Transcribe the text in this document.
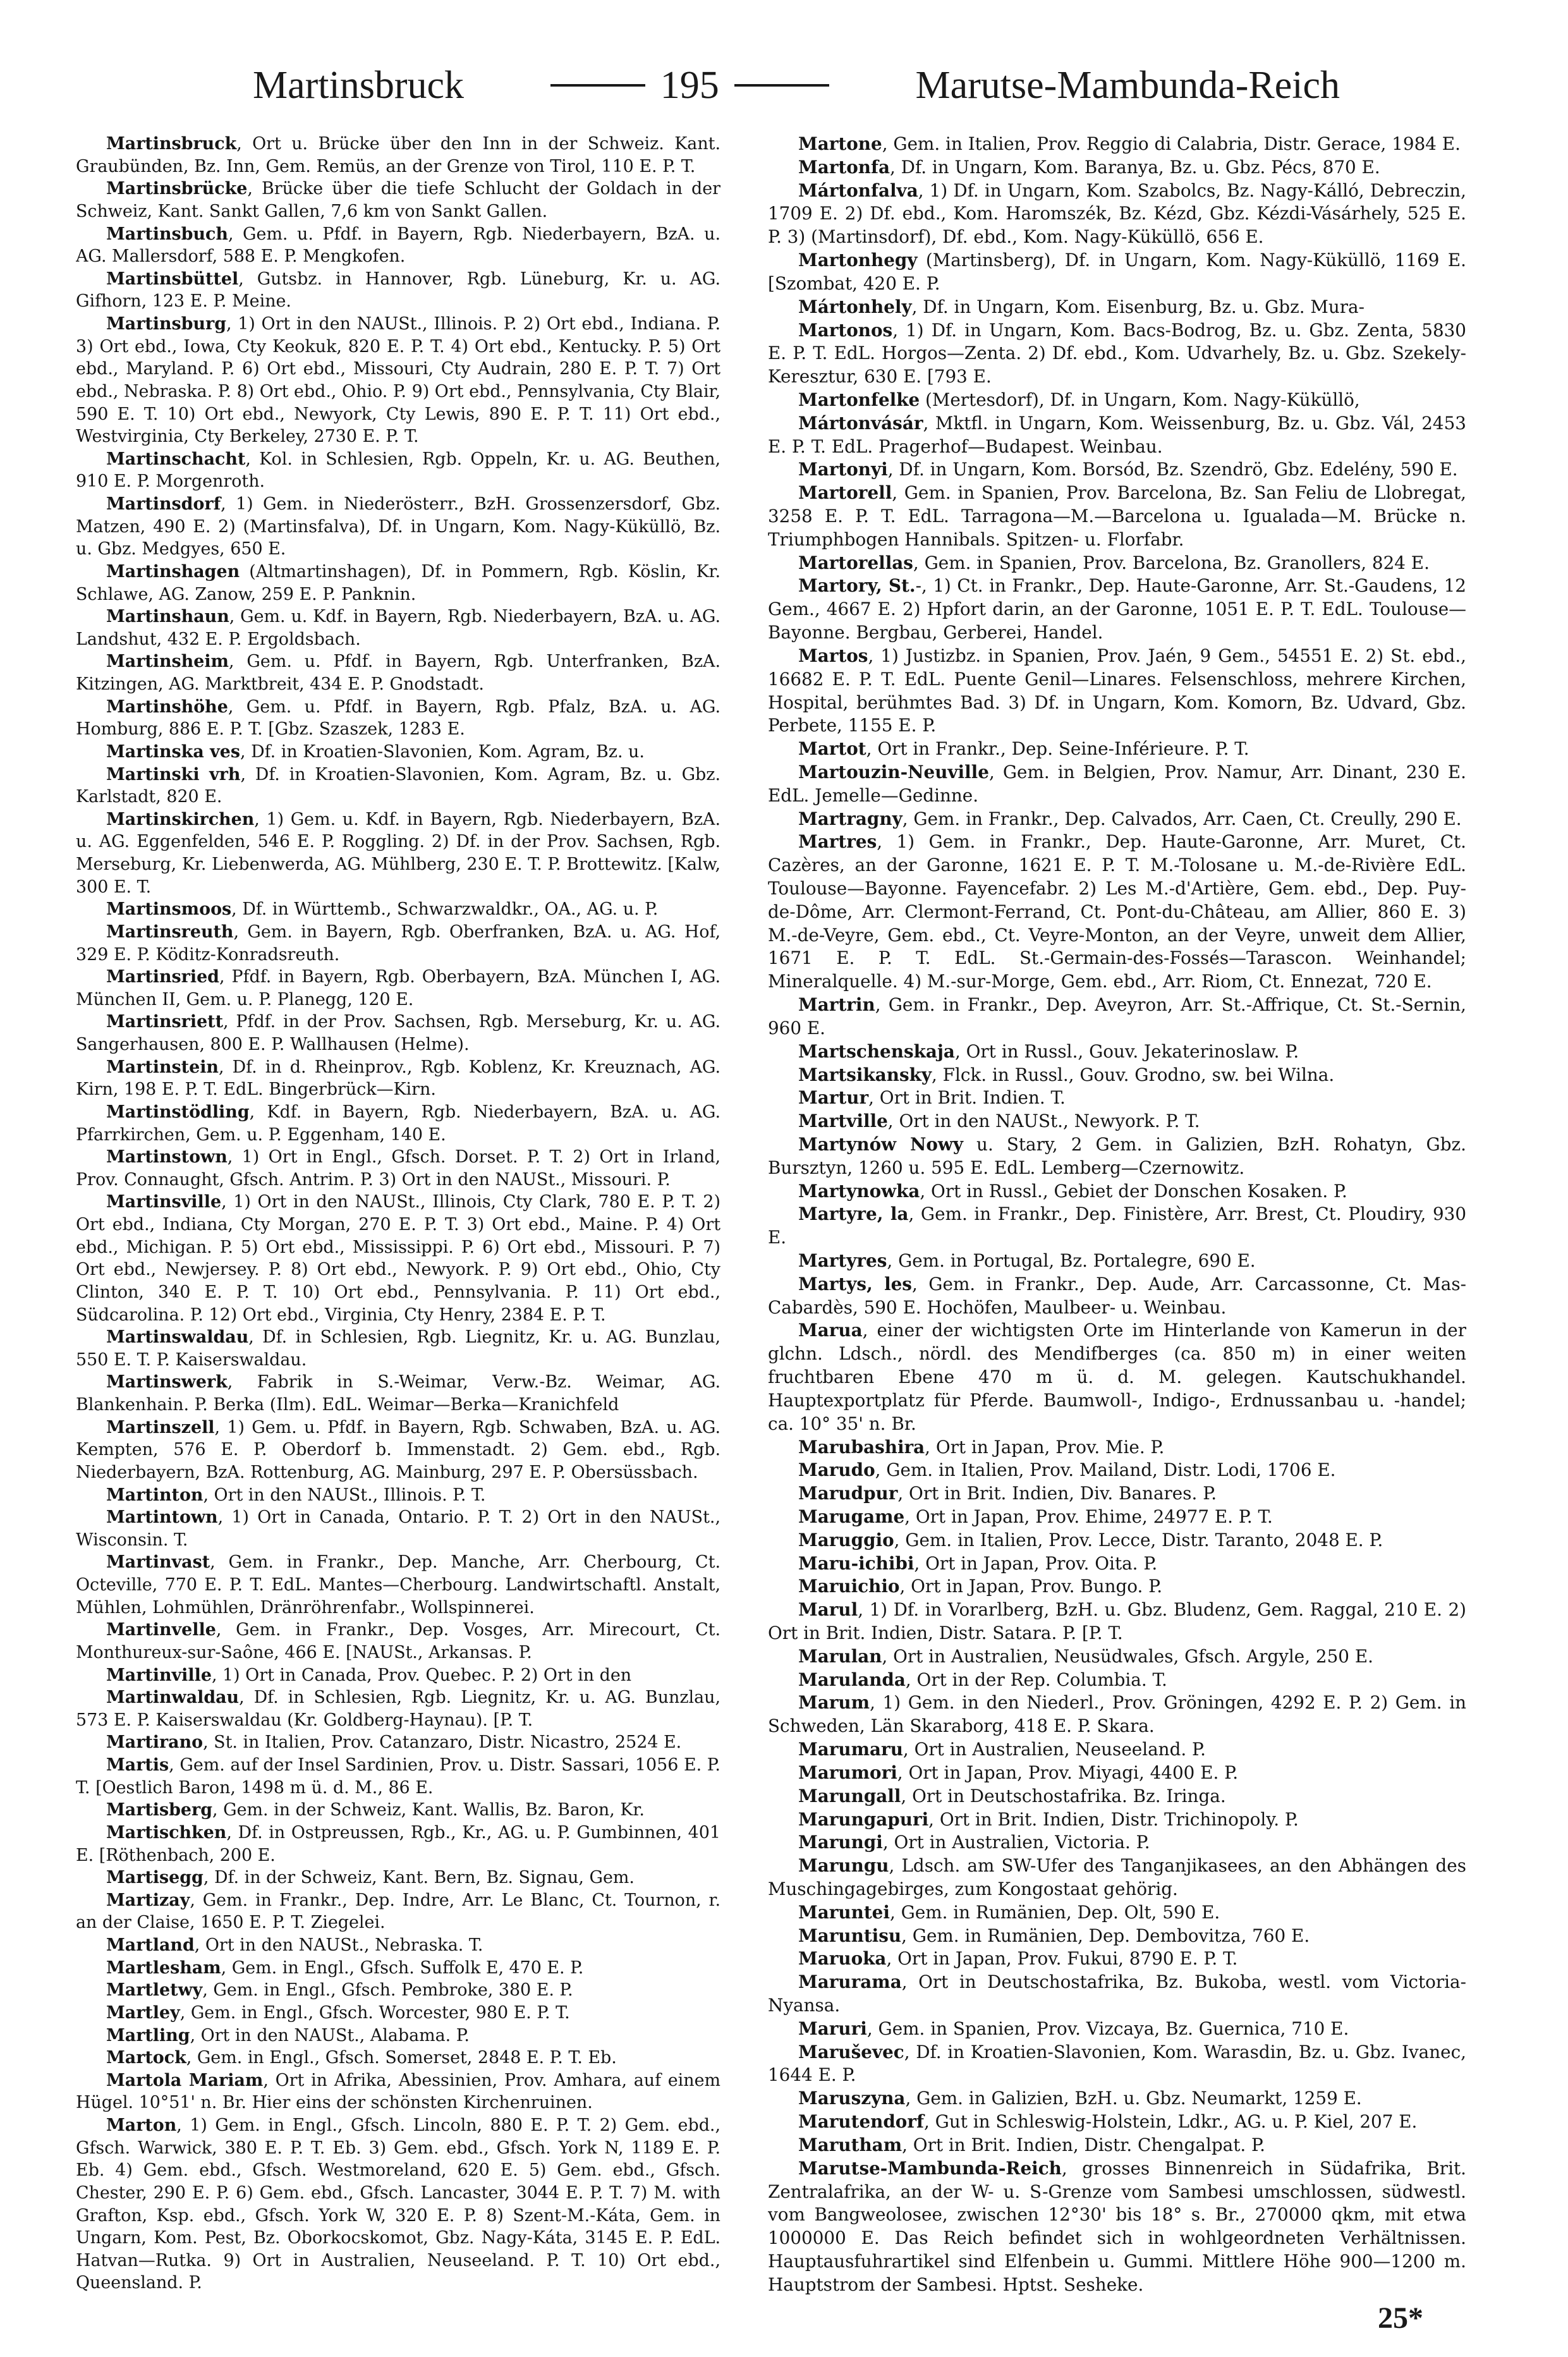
Martinsbruck	195	Marutse-Mambunda-Reich

Martinsbruck, Ort u. Brücke über den Inn in der Schweiz. Kant. Graubünden, Bz. Inn, Gem. Remüs, an der Grenze von Tirol, 110 E. P. T.

Martinsbrücke, Brücke über die tiefe Schlucht der Goldach in der Schweiz, Kant. Sankt Gallen, 7,6 km von Sankt Gallen.

Martinsbuch, Gem. u. Pfdf. in Bayern, Rgb. Niederbayern, BzA. u. AG. Mallersdorf, 588 E. P. Mengkofen.

Martinsbüttel, Gutsbz. in Hannover, Rgb. Lüneburg, Kr. u. AG. Gifhorn, 123 E. P. Meine.

Martinsburg, 1) Ort in den NAUSt., Illinois. P. 2) Ort ebd., Indiana. P. 3) Ort ebd., Iowa, Cty Keokuk, 820 E. P. T. 4) Ort ebd., Kentucky. P. 5) Ort ebd., Maryland. P. 6) Ort ebd., Missouri, Cty Audrain, 280 E. P. T. 7) Ort ebd., Nebraska. P. 8) Ort ebd., Ohio. P. 9) Ort ebd., Pennsylvania, Cty Blair, 590 E. T. 10) Ort ebd., Newyork, Cty Lewis, 890 E. P. T. 11) Ort ebd., Westvirginia, Cty Berkeley, 2730 E. P. T.

Martinschacht, Kol. in Schlesien, Rgb. Oppeln, Kr. u. AG. Beuthen, 910 E. P. Morgenroth.

Martinsdorf, 1) Gem. in Niederösterr., BzH. Grossenzersdorf, Gbz. Matzen, 490 E. 2) (Martinsfalva), Df. in Ungarn, Kom. Nagy-Küküllö, Bz. u. Gbz. Medgyes, 650 E.

Martinshagen (Altmartinshagen), Df. in Pommern, Rgb. Köslin, Kr. Schlawe, AG. Zanow, 259 E. P. Panknin.

Martinshaun, Gem. u. Kdf. in Bayern, Rgb. Niederbayern, BzA. u. AG. Landshut, 432 E. P. Ergoldsbach.

Martinsheim, Gem. u. Pfdf. in Bayern, Rgb. Unterfranken, BzA. Kitzingen, AG. Marktbreit, 434 E. P. Gnodstadt.

Martinshöhe, Gem. u. Pfdf. in Bayern, Rgb. Pfalz, BzA. u. AG. Homburg, 886 E. P. T. [Gbz. Szaszek, 1283 E.

Martinska ves, Df. in Kroatien-Slavonien, Kom. Agram, Bz. u.

Martinski vrh, Df. in Kroatien-Slavonien, Kom. Agram, Bz. u. Gbz. Karlstadt, 820 E.

Martinskirchen, 1) Gem. u. Kdf. in Bayern, Rgb. Niederbayern, BzA. u. AG. Eggenfelden, 546 E. P. Roggling. 2) Df. in der Prov. Sachsen, Rgb. Merseburg, Kr. Liebenwerda, AG. Mühlberg, 230 E. T. P. Brottewitz. [Kalw, 300 E. T.

Martinsmoos, Df. in Württemb., Schwarzwaldkr., OA., AG. u. P.

Martinsreuth, Gem. in Bayern, Rgb. Oberfranken, BzA. u. AG. Hof, 329 E. P. Köditz-Konradsreuth.

Martinsried, Pfdf. in Bayern, Rgb. Oberbayern, BzA. München I, AG. München II, Gem. u. P. Planegg, 120 E.

Martinsriett, Pfdf. in der Prov. Sachsen, Rgb. Merseburg, Kr. u. AG. Sangerhausen, 800 E. P. Wallhausen (Helme).

Martinstein, Df. in d. Rheinprov., Rgb. Koblenz, Kr. Kreuznach, AG. Kirn, 198 E. P. T. EdL. Bingerbrück—Kirn.

Martinstödling, Kdf. in Bayern, Rgb. Niederbayern, BzA. u. AG. Pfarrkirchen, Gem. u. P. Eggenham, 140 E.

Martinstown, 1) Ort in Engl., Gfsch. Dorset. P. T. 2) Ort in Irland, Prov. Connaught, Gfsch. Antrim. P. 3) Ort in den NAUSt., Missouri. P.

Martinsville, 1) Ort in den NAUSt., Illinois, Cty Clark, 780 E. P. T. 2) Ort ebd., Indiana, Cty Morgan, 270 E. P. T. 3) Ort ebd., Maine. P. 4) Ort ebd., Michigan. P. 5) Ort ebd., Mississippi. P. 6) Ort ebd., Missouri. P. 7) Ort ebd., Newjersey. P. 8) Ort ebd., Newyork. P. 9) Ort ebd., Ohio, Cty Clinton, 340 E. P. T. 10) Ort ebd., Pennsylvania. P. 11) Ort ebd., Südcarolina. P. 12) Ort ebd., Virginia, Cty Henry, 2384 E. P. T.

Martinswaldau, Df. in Schlesien, Rgb. Liegnitz, Kr. u. AG. Bunzlau, 550 E. T. P. Kaiserswaldau.

Martinswerk, Fabrik in S.-Weimar, Verw.-Bz. Weimar, AG. Blankenhain. P. Berka (Ilm). EdL. Weimar—Berka—Kranichfeld

Martinszell, 1) Gem. u. Pfdf. in Bayern, Rgb. Schwaben, BzA. u. AG. Kempten, 576 E. P. Oberdorf b. Immenstadt. 2) Gem. ebd., Rgb. Niederbayern, BzA. Rottenburg, AG. Mainburg, 297 E. P. Obersüssbach.

Martinton, Ort in den NAUSt., Illinois. P. T.

Martintown, 1) Ort in Canada, Ontario. P. T. 2) Ort in den NAUSt., Wisconsin. T.

Martinvast, Gem. in Frankr., Dep. Manche, Arr. Cherbourg, Ct. Octeville, 770 E. P. T. EdL. Mantes—Cherbourg. Landwirtschaftl. Anstalt, Mühlen, Lohmühlen, Dränröhrenfabr., Wollspinnerei.

Martinvelle, Gem. in Frankr., Dep. Vosges, Arr. Mirecourt, Ct. Monthureux-sur-Saône, 466 E. [NAUSt., Arkansas. P.

Martinville, 1) Ort in Canada, Prov. Quebec. P. 2) Ort in den

Martinwaldau, Df. in Schlesien, Rgb. Liegnitz, Kr. u. AG. Bunzlau, 573 E. P. Kaiserswaldau (Kr. Goldberg-Haynau). [P. T.

Martirano, St. in Italien, Prov. Catanzaro, Distr. Nicastro, 2524 E.

Martis, Gem. auf der Insel Sardinien, Prov. u. Distr. Sassari, 1056 E. P. T. [Oestlich Baron, 1498 m ü. d. M., 86 E.

Martisberg, Gem. in der Schweiz, Kant. Wallis, Bz. Baron, Kr.

Martischken, Df. in Ostpreussen, Rgb., Kr., AG. u. P. Gumbinnen, 401 E. [Röthenbach, 200 E.

Martisegg, Df. in der Schweiz, Kant. Bern, Bz. Signau, Gem.

Martizay, Gem. in Frankr., Dep. Indre, Arr. Le Blanc, Ct. Tournon, r. an der Claise, 1650 E. P. T. Ziegelei.

Martland, Ort in den NAUSt., Nebraska. T.

Martlesham, Gem. in Engl., Gfsch. Suffolk E, 470 E. P.

Martletwy, Gem. in Engl., Gfsch. Pembroke, 380 E. P.

Martley, Gem. in Engl., Gfsch. Worcester, 980 E. P. T.

Martling, Ort in den NAUSt., Alabama. P.

Martock, Gem. in Engl., Gfsch. Somerset, 2848 E. P. T. Eb.

Martola Mariam, Ort in Afrika, Abessinien, Prov. Amhara, auf einem Hügel. 10°51' n. Br. Hier eins der schönsten Kirchenruinen.

Marton, 1) Gem. in Engl., Gfsch. Lincoln, 880 E. P. T. 2) Gem. ebd., Gfsch. Warwick, 380 E. P. T. Eb. 3) Gem. ebd., Gfsch. York N, 1189 E. P. Eb. 4) Gem. ebd., Gfsch. Westmoreland, 620 E. 5) Gem. ebd., Gfsch. Chester, 290 E. P. 6) Gem. ebd., Gfsch. Lancaster, 3044 E. P. T. 7) M. with Grafton, Ksp. ebd., Gfsch. York W, 320 E. P. 8) Szent-M.-Káta, Gem. in Ungarn, Kom. Pest, Bz. Oborkocskomot, Gbz. Nagy-Káta, 3145 E. P. EdL. Hatvan—Rutka. 9) Ort in Australien, Neuseeland. P. T. 10) Ort ebd., Queensland. P.

Martone, Gem. in Italien, Prov. Reggio di Calabria, Distr. Gerace, 1984 E.

Martonfa, Df. in Ungarn, Kom. Baranya, Bz. u. Gbz. Pécs, 870 E.

Mártonfalva, 1) Df. in Ungarn, Kom. Szabolcs, Bz. Nagy-Kálló, Debreczin, 1709 E. 2) Df. ebd., Kom. Haromszék, Bz. Kézd, Gbz. Kézdi-Vásárhely, 525 E. P. 3) (Martinsdorf), Df. ebd., Kom. Nagy-Küküllö, 656 E.

Martonhegy (Martinsberg), Df. in Ungarn, Kom. Nagy-Küküllö, 1169 E. [Szombat, 420 E. P.

Mártonhely, Df. in Ungarn, Kom. Eisenburg, Bz. u. Gbz. Mura-

Martonos, 1) Df. in Ungarn, Kom. Bacs-Bodrog, Bz. u. Gbz. Zenta, 5830 E. P. T. EdL. Horgos—Zenta. 2) Df. ebd., Kom. Udvarhely, Bz. u. Gbz. Szekely-Keresztur, 630 E. [793 E.

Martonfelke (Mertesdorf), Df. in Ungarn, Kom. Nagy-Küküllö,

Mártonvásár, Mktfl. in Ungarn, Kom. Weissenburg, Bz. u. Gbz. Vál, 2453 E. P. T. EdL. Pragerhof—Budapest. Weinbau.

Martonyi, Df. in Ungarn, Kom. Borsód, Bz. Szendrö, Gbz. Edelény, 590 E.

Martorell, Gem. in Spanien, Prov. Barcelona, Bz. San Feliu de Llobregat, 3258 E. P. T. EdL. Tarragona—M.—Barcelona u. Igualada—M. Brücke n. Triumphbogen Hannibals. Spitzen- u. Florfabr.

Martorellas, Gem. in Spanien, Prov. Barcelona, Bz. Granollers, 824 E.

Martory, St.-, 1) Ct. in Frankr., Dep. Haute-Garonne, Arr. St.-Gaudens, 12 Gem., 4667 E. 2) Hpfort darin, an der Garonne, 1051 E. P. T. EdL. Toulouse—Bayonne. Bergbau, Gerberei, Handel.

Martos, 1) Justizbz. in Spanien, Prov. Jaén, 9 Gem., 54551 E. 2) St. ebd., 16682 E. P. T. EdL. Puente Genil—Linares. Felsenschloss, mehrere Kirchen, Hospital, berühmtes Bad. 3) Df. in Ungarn, Kom. Komorn, Bz. Udvard, Gbz. Perbete, 1155 E. P.

Martot, Ort in Frankr., Dep. Seine-Inférieure. P. T.

Martouzin-Neuville, Gem. in Belgien, Prov. Namur, Arr. Dinant, 230 E. EdL. Jemelle—Gedinne.

Martragny, Gem. in Frankr., Dep. Calvados, Arr. Caen, Ct. Creully, 290 E.

Martres, 1) Gem. in Frankr., Dep. Haute-Garonne, Arr. Muret, Ct. Cazères, an der Garonne, 1621 E. P. T. M.-Tolosane u. M.-de-Rivière EdL. Toulouse—Bayonne. Fayencefabr. 2) Les M.-d'Artière, Gem. ebd., Dep. Puy-de-Dôme, Arr. Clermont-Ferrand, Ct. Pont-du-Château, am Allier, 860 E. 3) M.-de-Veyre, Gem. ebd., Ct. Veyre-Monton, an der Veyre, unweit dem Allier, 1671 E. P. T. EdL. St.-Germain-des-Fossés—Tarascon. Weinhandel; Mineralquelle. 4) M.-sur-Morge, Gem. ebd., Arr. Riom, Ct. Ennezat, 720 E.

Martrin, Gem. in Frankr., Dep. Aveyron, Arr. St.-Affrique, Ct. St.-Sernin, 960 E.

Martschenskaja, Ort in Russl., Gouv. Jekaterinoslaw. P.

Martsikansky, Flck. in Russl., Gouv. Grodno, sw. bei Wilna.

Martur, Ort in Brit. Indien. T.

Martville, Ort in den NAUSt., Newyork. P. T.

Martynów Nowy u. Stary, 2 Gem. in Galizien, BzH. Rohatyn, Gbz. Bursztyn, 1260 u. 595 E. EdL. Lemberg—Czernowitz.

Martynowka, Ort in Russl., Gebiet der Donschen Kosaken. P.

Martyre, la, Gem. in Frankr., Dep. Finistère, Arr. Brest, Ct. Ploudiry, 930 E.

Martyres, Gem. in Portugal, Bz. Portalegre, 690 E.

Martys, les, Gem. in Frankr., Dep. Aude, Arr. Carcassonne, Ct. Mas-Cabardès, 590 E. Hochöfen, Maulbeer- u. Weinbau.

Marua, einer der wichtigsten Orte im Hinterlande von Kamerun in der glchn. Ldsch., nördl. des Mendifberges (ca. 850 m) in einer weiten fruchtbaren Ebene 470 m ü. d. M. gelegen. Kautschukhandel. Hauptexportplatz für Pferde. Baumwoll-, Indigo-, Erdnussanbau u. -handel; ca. 10° 35' n. Br.

Marubashira, Ort in Japan, Prov. Mie. P.

Marudo, Gem. in Italien, Prov. Mailand, Distr. Lodi, 1706 E.

Marudpur, Ort in Brit. Indien, Div. Banares. P.

Marugame, Ort in Japan, Prov. Ehime, 24977 E. P. T.

Maruggio, Gem. in Italien, Prov. Lecce, Distr. Taranto, 2048 E. P.

Maru-ichibi, Ort in Japan, Prov. Oita. P.

Maruichio, Ort in Japan, Prov. Bungo. P.

Marul, 1) Df. in Vorarlberg, BzH. u. Gbz. Bludenz, Gem. Raggal, 210 E. 2) Ort in Brit. Indien, Distr. Satara. P. [P. T.

Marulan, Ort in Australien, Neusüdwales, Gfsch. Argyle, 250 E.

Marulanda, Ort in der Rep. Columbia. T.

Marum, 1) Gem. in den Niederl., Prov. Gröningen, 4292 E. P. 2) Gem. in Schweden, Län Skaraborg, 418 E. P. Skara.

Marumaru, Ort in Australien, Neuseeland. P.

Marumori, Ort in Japan, Prov. Miyagi, 4400 E. P.

Marungall, Ort in Deutschostafrika. Bz. Iringa.

Marungapuri, Ort in Brit. Indien, Distr. Trichinopoly. P.

Marungi, Ort in Australien, Victoria. P.

Marungu, Ldsch. am SW-Ufer des Tanganjikasees, an den Abhängen des Muschingagebirges, zum Kongostaat gehörig.

Maruntei, Gem. in Rumänien, Dep. Olt, 590 E.

Maruntisu, Gem. in Rumänien, Dep. Dembovitza, 760 E.

Maruoka, Ort in Japan, Prov. Fukui, 8790 E. P. T.

Marurama, Ort in Deutschostafrika, Bz. Bukoba, westl. vom Victoria-Nyansa.

Maruri, Gem. in Spanien, Prov. Vizcaya, Bz. Guernica, 710 E.

Maruševec, Df. in Kroatien-Slavonien, Kom. Warasdin, Bz. u. Gbz. Ivanec, 1644 E. P.

Maruszyna, Gem. in Galizien, BzH. u. Gbz. Neumarkt, 1259 E.

Marutendorf, Gut in Schleswig-Holstein, Ldkr., AG. u. P. Kiel, 207 E.

Marutham, Ort in Brit. Indien, Distr. Chengalpat. P.

Marutse-Mambunda-Reich, grosses Binnenreich in Südafrika, Brit. Zentralafrika, an der W- u. S-Grenze vom Sambesi umschlossen, südwestl. vom Bangweolosee, zwischen 12°30' bis 18° s. Br., 270000 qkm, mit etwa 1000000 E. Das Reich befindet sich in wohlgeordneten Verhältnissen. Hauptausfuhrartikel sind Elfenbein u. Gummi. Mittlere Höhe 900—1200 m. Hauptstrom der Sambesi. Hptst. Sesheke.

25*
